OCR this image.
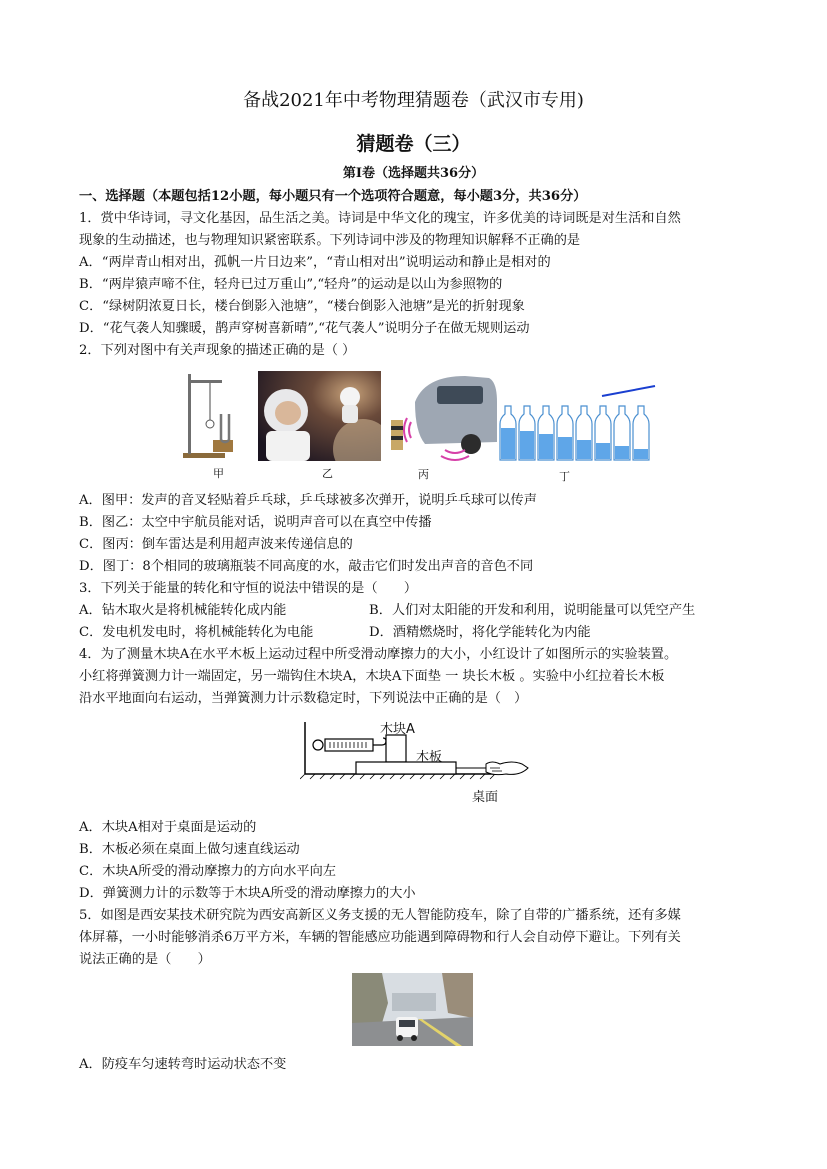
备战2021年中考物理猜题卷（武汉市专用)
猜题卷（三）
第Ⅰ卷（选择题共36分）
一、选择题（本题包括12小题，每小题只有一个选项符合题意，每小题3分，共36分）
1．赏中华诗词，寻文化基因，品生活之美。诗词是中华文化的瑰宝，许多优美的诗词既是对生活和自然
现象的生动描述，也与物理知识紧密联系。下列诗词中涉及的物理知识解释不正确的是
A．“两岸青山相对出，孤帆一片日边来”，“青山相对出”说明运动和静止是相对的
B．“两岸猿声啼不住，轻舟已过万重山”,“轻舟”的运动是以山为参照物的
C．“绿树阴浓夏日长，楼台倒影入池塘”，“楼台倒影入池塘”是光的折射现象
D．“花气袭人知骤暖，鹊声穿树喜新晴”,“花气袭人”说明分子在做无规则运动
2．下列对图中有关声现象的描述正确的是（ ）
甲	乙	丙	丁
A．图甲：发声的音叉轻贴着乒乓球，乒乓球被多次弹开，说明乒乓球可以传声
B．图乙：太空中宇航员能对话，说明声音可以在真空中传播
C．图丙：倒车雷达是利用超声波来传递信息的
D．图丁：8个相同的玻璃瓶装不同高度的水，敲击它们时发出声音的音色不同
3．下列关于能量的转化和守恒的说法中错误的是（　　）
A．钻木取火是将机械能转化成内能	B．人们对太阳能的开发和利用，说明能量可以凭空产生
C．发电机发电时，将机械能转化为电能	D．酒精燃烧时，将化学能转化为内能
4．为了测量木块A在水平木板上运动过程中所受滑动摩擦力的大小，小红设计了如图所示的实验装置。
小红将弹簧测力计一端固定，另一端钩住木块A，木块A下面垫 一 块长木板 。实验中小红拉着长木板
沿水平地面向右运动，当弹簧测力计示数稳定时，下列说法中正确的是（　）
木块A
木板
桌面
A．木块A相对于桌面是运动的
B．木板必须在桌面上做匀速直线运动
C．木块A所受的滑动摩擦力的方向水平向左
D．弹簧测力计的示数等于木块A所受的滑动摩擦力的大小
5．如图是西安某技术研究院为西安高新区义务支援的无人智能防疫车，除了自带的广播系统，还有多媒
体屏幕，一小时能够消杀6万平方米，车辆的智能感应功能遇到障碍物和行人会自动停下避让。下列有关
说法正确的是（　　）
A．防疫车匀速转弯时运动状态不变
